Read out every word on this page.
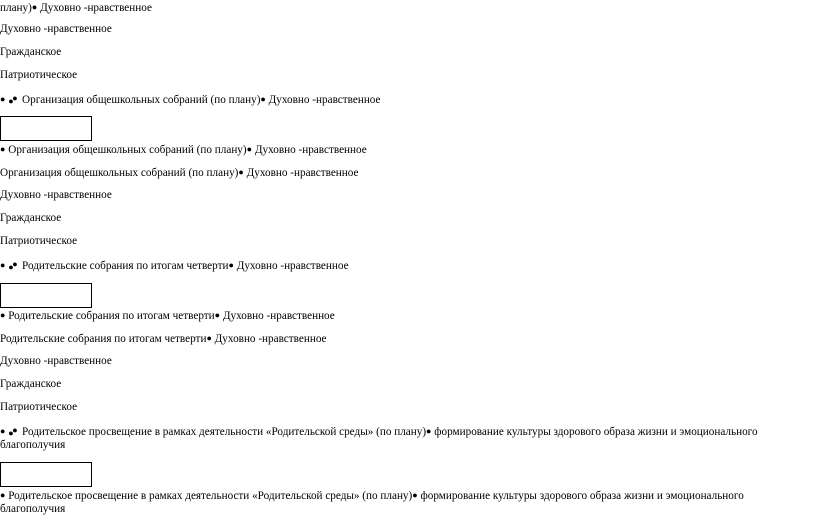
плану)● Духовно -нравственное
Духовно -нравственное
Гражданское
Патриотическое
● ●
● Организация общешкольных собраний (по плану)● Духовно -нравственное
● Организация общешкольных собраний (по плану)● Духовно -нравственное
Организация общешкольных собраний (по плану)● Духовно -нравственное
Духовно -нравственное
Гражданское
Патриотическое
● ●
● Родительские собрания по итогам четверти● Духовно -нравственное
● Родительские собрания по итогам четверти● Духовно -нравственное
Родительские собрания по итогам четверти● Духовно -нравственное
Духовно -нравственное
Гражданское
Патриотическое
● ●
● Родительское просвещение в рамках деятельности «Родительской среды» (по плану)● формирование культуры здорового образа жизни и эмоционального благополучия
● Родительское просвещение в рамках деятельности «Родительской среды» (по плану)● формирование культуры здорового образа жизни и эмоционального благополучия
